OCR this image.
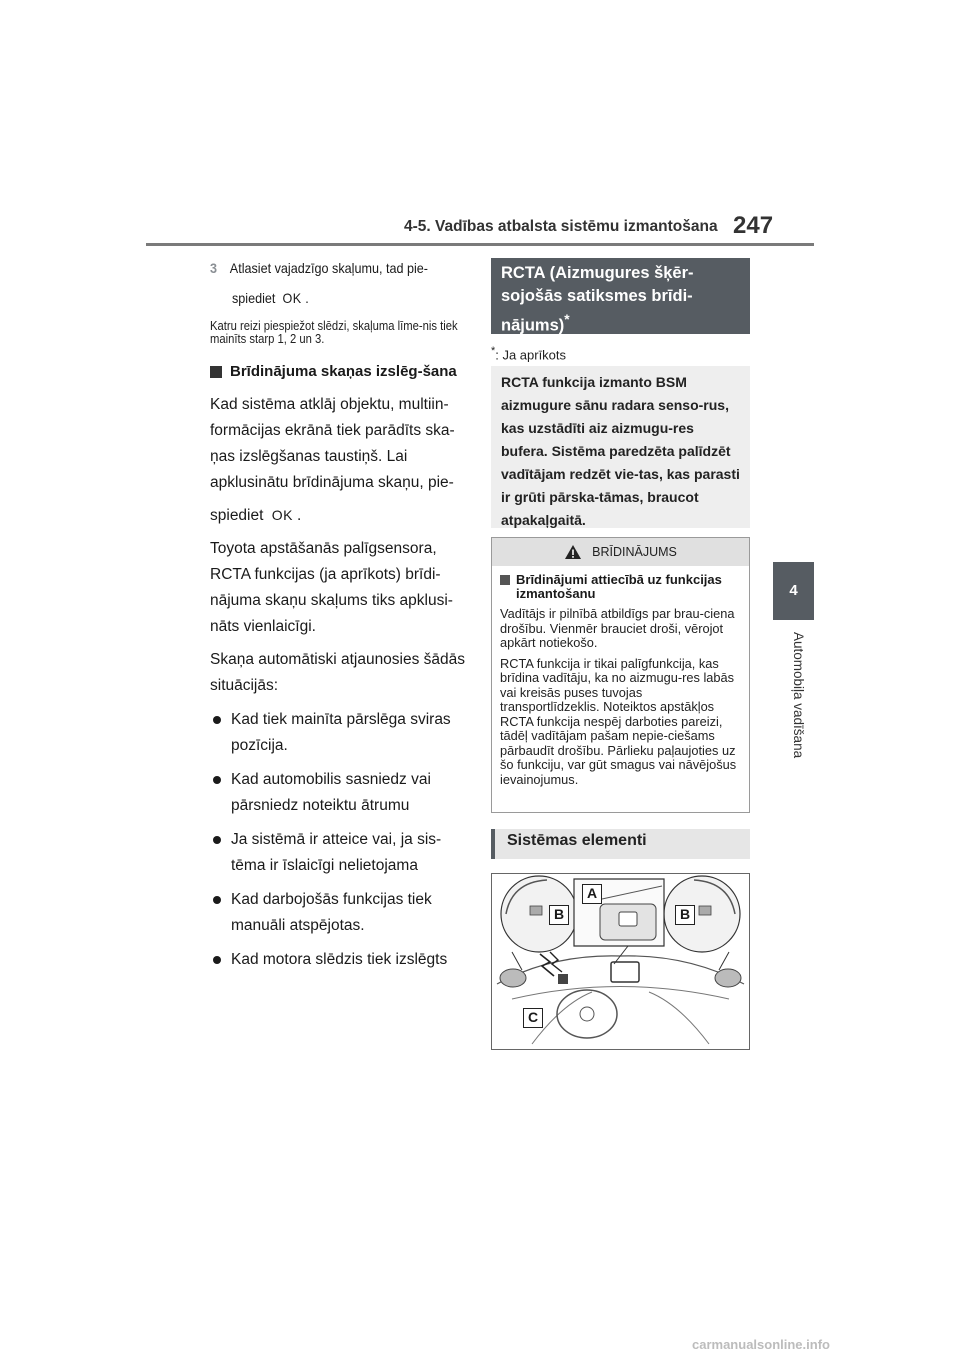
4-5. Vadības atbalsta sistēmu izmantošana 247
4
Automobiļa vadīšana
3 Atlasiet vajadzīgo skaļumu, tad pie-
spiediet OK .
Katru reizi piespiežot slēdzi, skaļuma līme-nis tiek mainīts starp 1, 2 un 3.
Brīdinājuma skaņas izslēg-šana
Kad sistēma atklāj objektu, multiin-formācijas ekrānā tiek parādīts ska-ņas izslēgšanas taustiņš. Lai apklusinātu brīdinājuma skaņu, pie-
spiediet OK .
Toyota apstāšanās palīgsensora, RCTA funkcijas (ja aprīkots) brīdi-nājuma skaņu skaļums tiks apklusi-nāts vienlaicīgi.
Skaņa automātiski atjaunosies šādās situācijās:
Kad tiek mainīta pārslēga sviras pozīcija.
Kad automobilis sasniedz vai pārsniedz noteiktu ātrumu
Ja sistēmā ir atteice vai, ja sis-tēma ir īslaicīgi nelietojama
Kad darbojošās funkcijas tiek manuāli atspējotas.
Kad motora slēdzis tiek izslēgts
RCTA (Aizmugures šķēr-sojošās satiksmes brīdi-nājums)*
*: Ja aprīkots
RCTA funkcija izmanto BSM aizmugure sānu radara senso-rus, kas uzstādīti aiz aizmugu-res bufera. Sistēma paredzēta palīdzēt vadītājam redzēt vie-tas, kas parasti ir grūti pārska-tāmas, braucot atpakaļgaitā.
BRĪDINĀJUMS
Brīdinājumi attiecībā uz funkcijas izmantošanu
Vadītājs ir pilnībā atbildīgs par brau-ciena drošību. Vienmēr brauciet droši, vērojot apkārt notiekošo.
RCTA funkcija ir tikai palīgfunkcija, kas brīdina vadītāju, ka no aizmugu-res labās vai kreisās puses tuvojas transportlīdzeklis. Noteiktos apstākļos RCTA funkcija nespēj darboties pareizi, tādēļ vadītājam pašam nepie-ciešams pārbaudīt drošību. Pārlieku paļaujoties uz šo funkciju, var gūt smagus vai nāvējošus ievainojumus.
Sistēmas elementi
A
B	B
C
carmanualsonline.info
